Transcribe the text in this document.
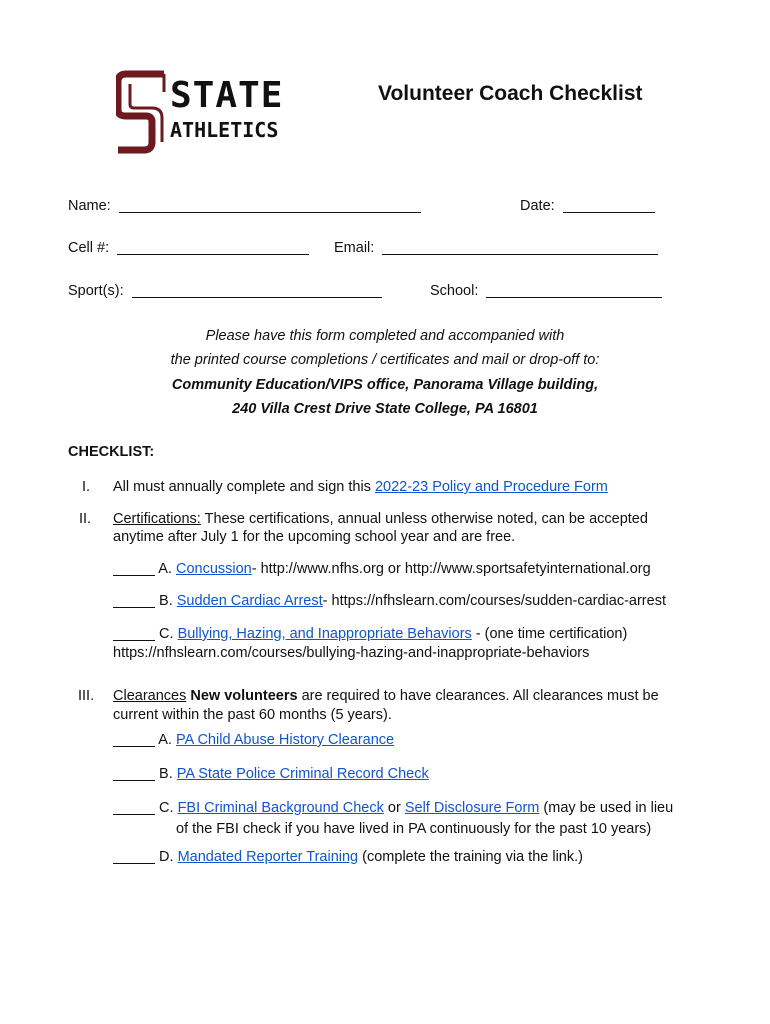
STATE
ATHLETICS
Volunteer Coach Checklist
Name:	Date:
Cell #:	Email:
Sport(s):	School:
Please have this form completed and accompanied with
the printed course completions / certificates and mail or drop-off to:
Community Education/VIPS office, Panorama Village building,
240 Villa Crest Drive State College, PA 16801
CHECKLIST:
I. All must annually complete and sign this 2022-23 Policy and Procedure Form
II. Certifications: These certifications, annual unless otherwise noted, can be accepted
anytime after July 1 for the upcoming school year and are free.
A. Concussion- http://www.nfhs.org or http://www.sportsafetyinternational.org
B. Sudden Cardiac Arrest- https://nfhslearn.com/courses/sudden-cardiac-arrest
C. Bullying, Hazing, and Inappropriate Behaviors - (one time certification)
https://nfhslearn.com/courses/bullying-hazing-and-inappropriate-behaviors
III. Clearances New volunteers are required to have clearances. All clearances must be
current within the past 60 months (5 years).
A. PA Child Abuse History Clearance
B. PA State Police Criminal Record Check
C. FBI Criminal Background Check or Self Disclosure Form (may be used in lieu
of the FBI check if you have lived in PA continuously for the past 10 years)
D. Mandated Reporter Training (complete the training via the link.)
